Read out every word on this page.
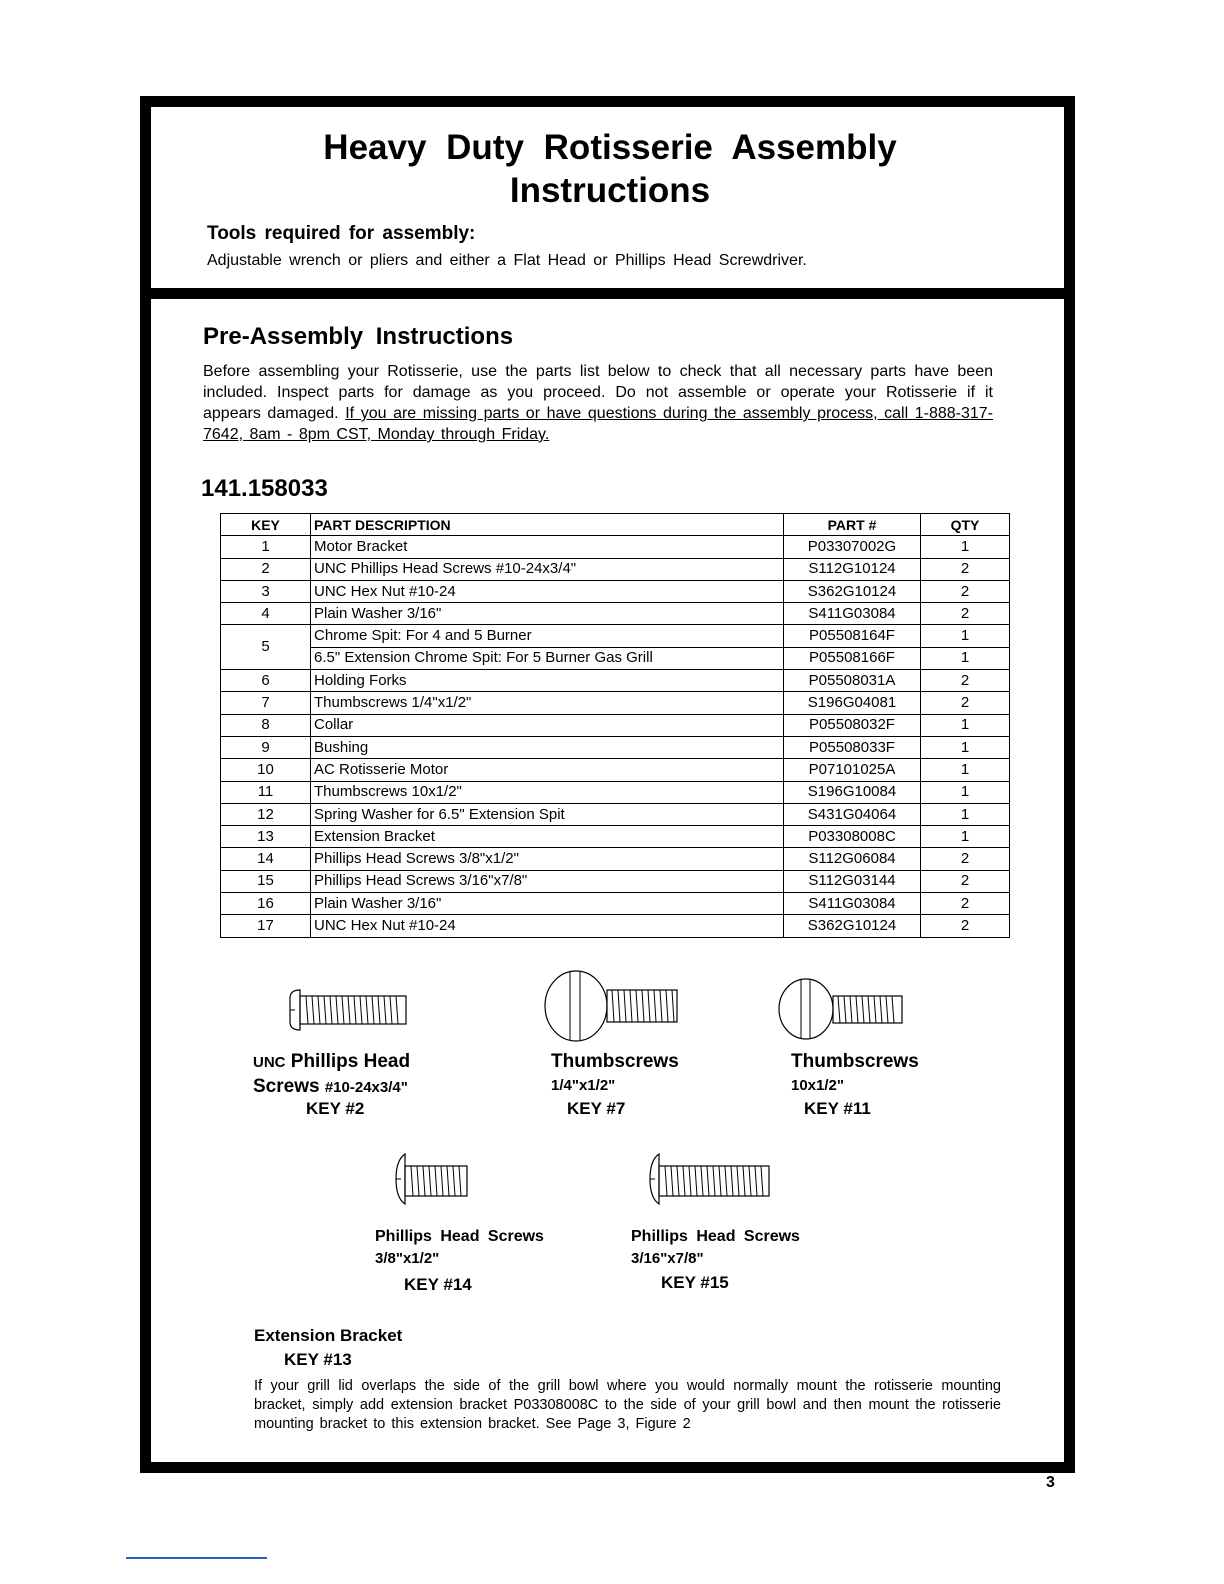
Heavy Duty Rotisserie Assembly
Instructions
Tools required for assembly:
Adjustable wrench or pliers and either a Flat Head or Phillips Head Screwdriver.
Pre-Assembly Instructions
Before assembling your Rotisserie, use the parts list below to check that all necessary parts have been included. Inspect parts for damage as you proceed. Do not assemble or operate your Rotisserie if it appears damaged. If you are missing parts or have questions during the assembly process, call 1-888-317-7642, 8am - 8pm CST, Monday through Friday.
141.158033
KEY	PART DESCRIPTION	PART #	QTY
1	Motor Bracket	P03307002G	1
2	UNC Phillips Head Screws #10-24x3/4"	S112G10124	2
3	UNC Hex Nut #10-24	S362G10124	2
4	Plain Washer 3/16"	S411G03084	2
5	Chrome Spit: For 4 and 5 Burner	P05508164F	1
	6.5" Extension Chrome Spit: For 5 Burner Gas Grill	P05508166F	1
6	Holding Forks	P05508031A	2
7	Thumbscrews 1/4"x1/2"	S196G04081	2
8	Collar	P05508032F	1
9	Bushing	P05508033F	1
10	AC Rotisserie Motor	P07101025A	1
11	Thumbscrews 10x1/2"	S196G10084	1
12	Spring Washer for 6.5" Extension Spit	S431G04064	1
13	Extension Bracket	P03308008C	1
14	Phillips Head Screws 3/8"x1/2"	S112G06084	2
15	Phillips Head Screws 3/16"x7/8"	S112G03144	2
16	Plain Washer 3/16"	S411G03084	2
17	UNC Hex Nut #10-24	S362G10124	2
UNC Phillips Head
Screws #10-24x3/4"
KEY #2
Thumbscrews
1/4"x1/2"
KEY #7
Thumbscrews
10x1/2"
KEY #11
Phillips Head Screws
3/8"x1/2"
KEY #14
Phillips Head Screws
3/16"x7/8"
KEY #15
Extension Bracket
KEY #13
If your grill lid overlaps the side of the grill bowl where you would normally mount the rotisserie mounting bracket, simply add extension bracket P03308008C to the side of your grill bowl and then mount the rotisserie mounting bracket to this extension bracket. See Page 3, Figure 2
3
